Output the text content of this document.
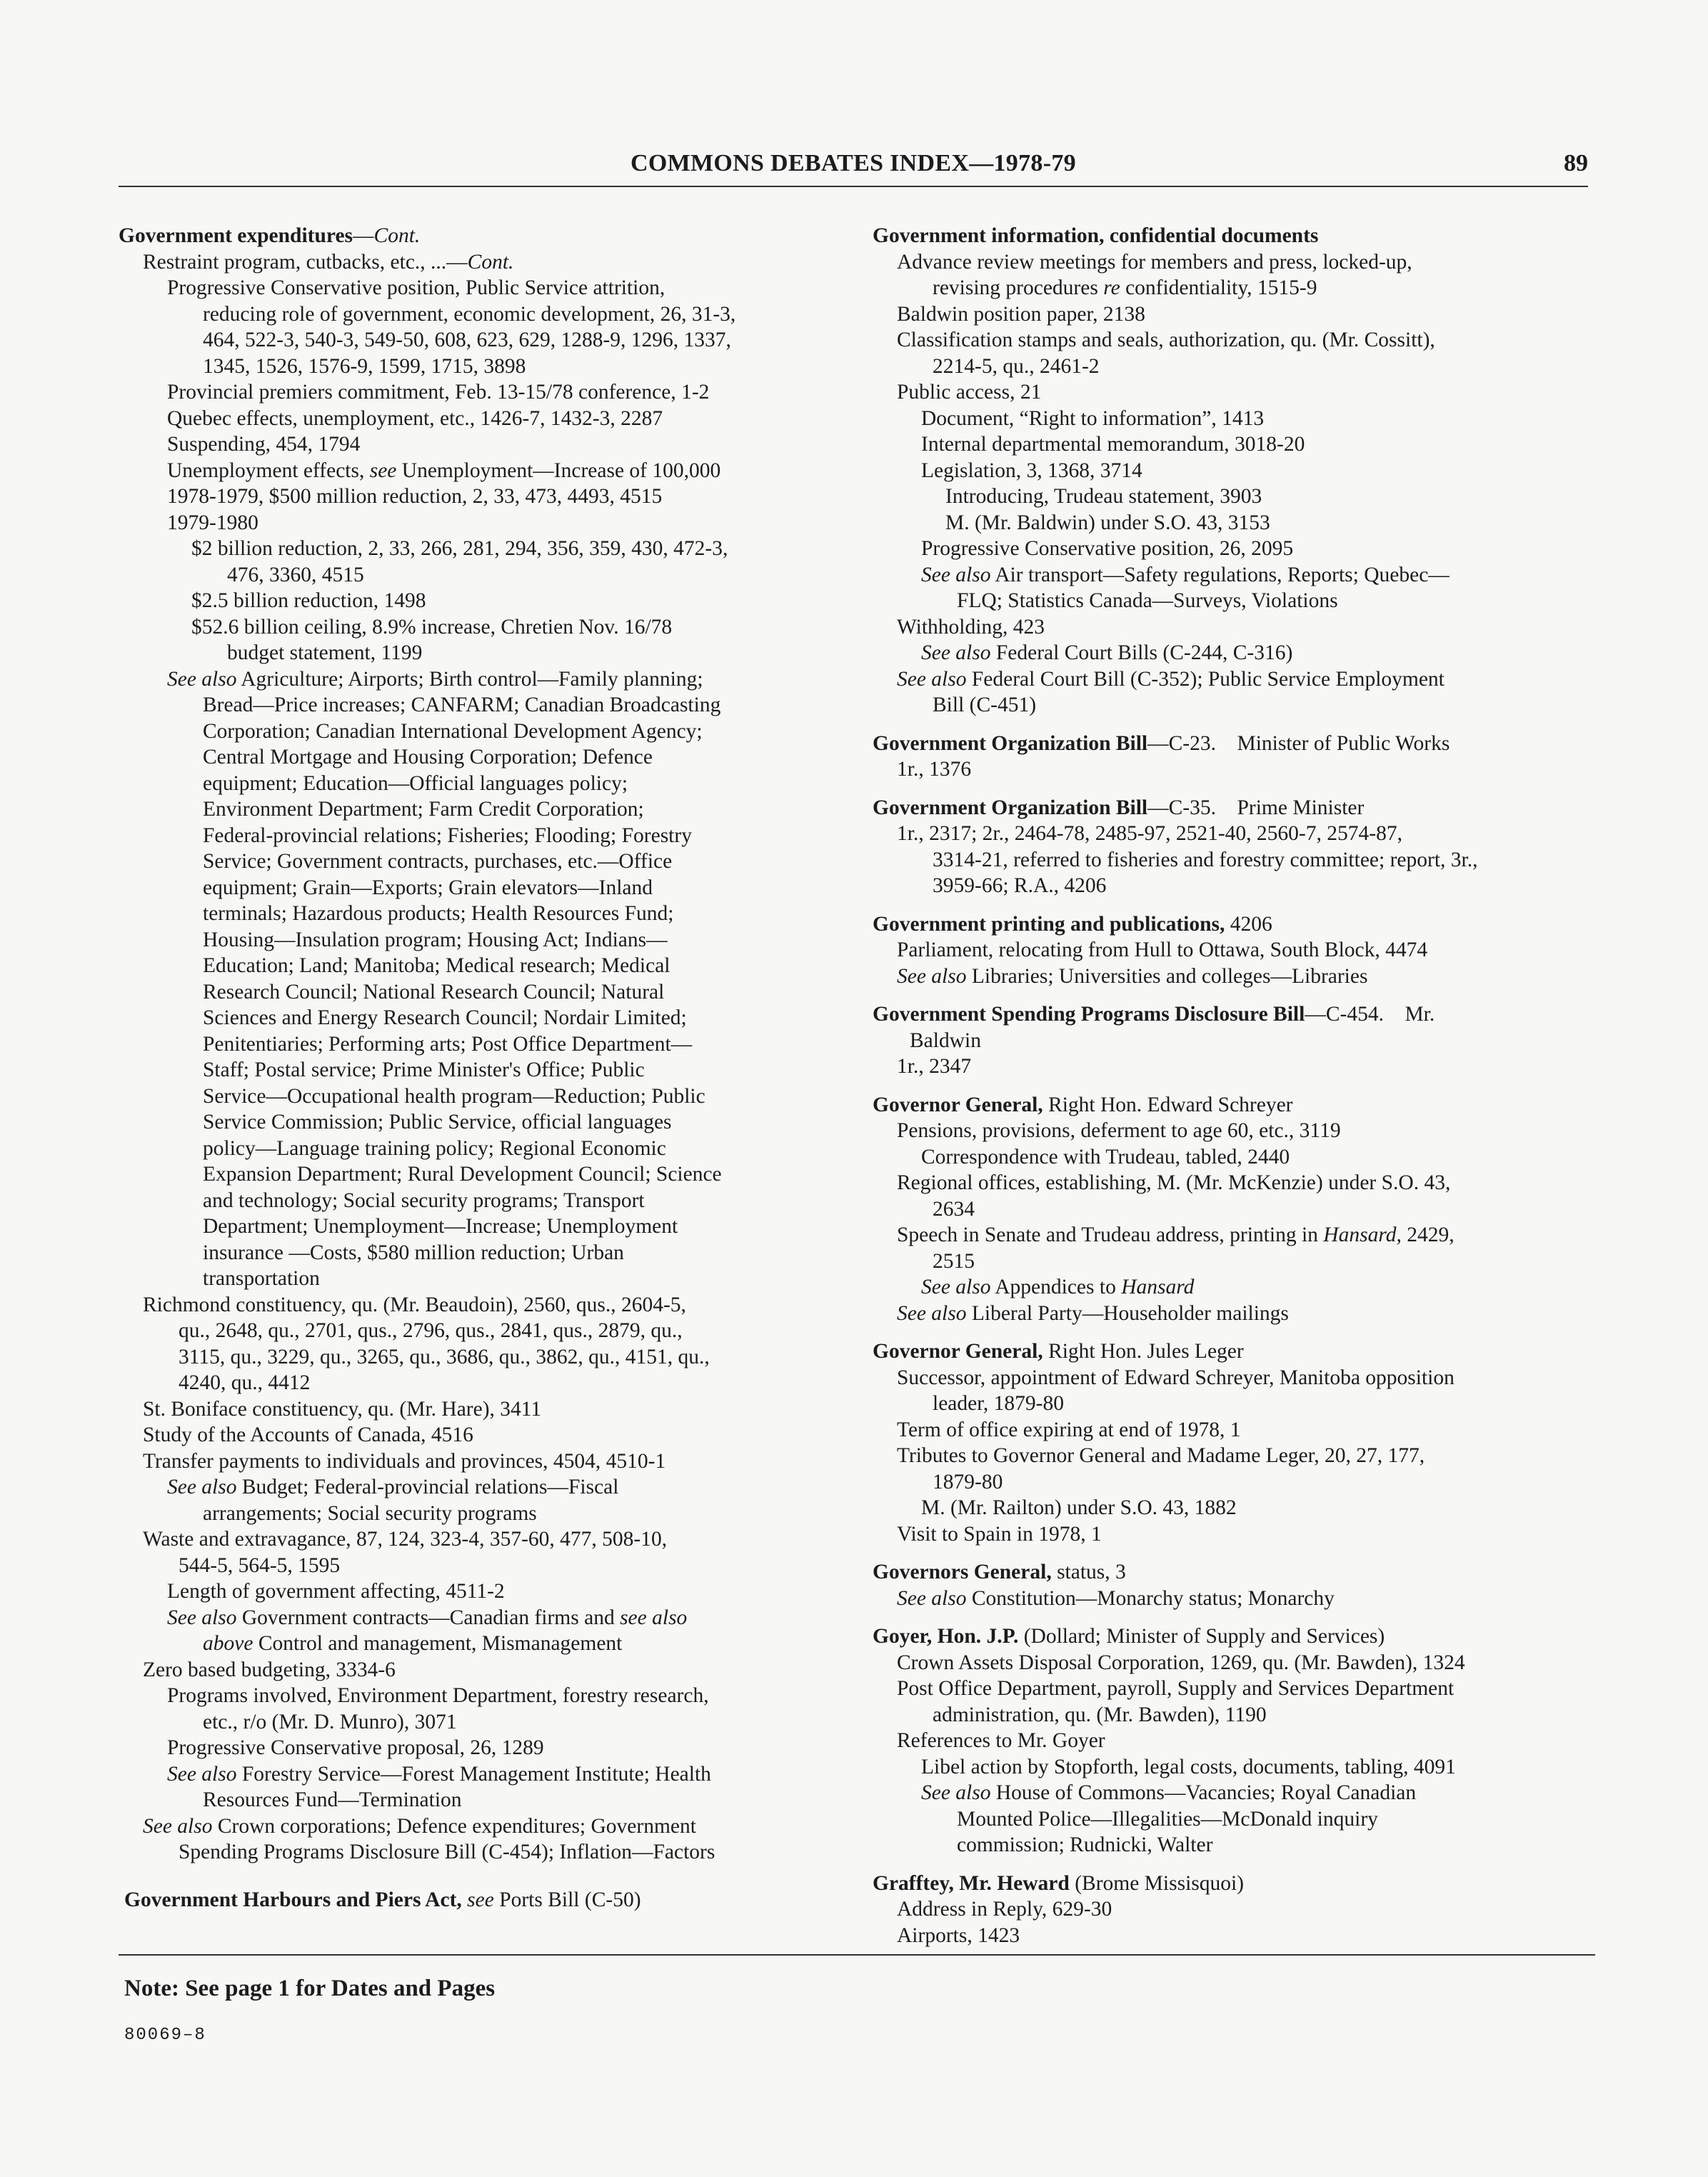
COMMONS DEBATES INDEX—1978-79	89
Government expenditures—Cont.
Restraint program, cutbacks, etc., ...—Cont.
Progressive Conservative position, Public Service attrition,
reducing role of government, economic development, 26, 31-3,
464, 522-3, 540-3, 549-50, 608, 623, 629, 1288-9, 1296, 1337,
1345, 1526, 1576-9, 1599, 1715, 3898
Provincial premiers commitment, Feb. 13-15/78 conference, 1-2
Quebec effects, unemployment, etc., 1426-7, 1432-3, 2287
Suspending, 454, 1794
Unemployment effects, see Unemployment—Increase of 100,000
1978-1979, $500 million reduction, 2, 33, 473, 4493, 4515
1979-1980
$2 billion reduction, 2, 33, 266, 281, 294, 356, 359, 430, 472-3,
476, 3360, 4515
$2.5 billion reduction, 1498
$52.6 billion ceiling, 8.9% increase, Chretien Nov. 16/78
budget statement, 1199
See also Agriculture; Airports; Birth control—Family planning;
Bread—Price increases; CANFARM; Canadian Broadcasting
Corporation; Canadian International Development Agency;
Central Mortgage and Housing Corporation; Defence
equipment; Education—Official languages policy;
Environment Department; Farm Credit Corporation;
Federal-provincial relations; Fisheries; Flooding; Forestry
Service; Government contracts, purchases, etc.—Office
equipment; Grain—Exports; Grain elevators—Inland
terminals; Hazardous products; Health Resources Fund;
Housing—Insulation program; Housing Act; Indians—
Education; Land; Manitoba; Medical research; Medical
Research Council; National Research Council; Natural
Sciences and Energy Research Council; Nordair Limited;
Penitentiaries; Performing arts; Post Office Department—
Staff; Postal service; Prime Minister's Office; Public
Service—Occupational health program—Reduction; Public
Service Commission; Public Service, official languages
policy—Language training policy; Regional Economic
Expansion Department; Rural Development Council; Science
and technology; Social security programs; Transport
Department; Unemployment—Increase; Unemployment
insurance —Costs, $580 million reduction; Urban
transportation
Richmond constituency, qu. (Mr. Beaudoin), 2560, qus., 2604-5,
qu., 2648, qu., 2701, qus., 2796, qus., 2841, qus., 2879, qu.,
3115, qu., 3229, qu., 3265, qu., 3686, qu., 3862, qu., 4151, qu.,
4240, qu., 4412
St. Boniface constituency, qu. (Mr. Hare), 3411
Study of the Accounts of Canada, 4516
Transfer payments to individuals and provinces, 4504, 4510-1
See also Budget; Federal-provincial relations—Fiscal
arrangements; Social security programs
Waste and extravagance, 87, 124, 323-4, 357-60, 477, 508-10,
544-5, 564-5, 1595
Length of government affecting, 4511-2
See also Government contracts—Canadian firms and see also
above Control and management, Mismanagement
Zero based budgeting, 3334-6
Programs involved, Environment Department, forestry research,
etc., r/o (Mr. D. Munro), 3071
Progressive Conservative proposal, 26, 1289
See also Forestry Service—Forest Management Institute; Health
Resources Fund—Termination
See also Crown corporations; Defence expenditures; Government
Spending Programs Disclosure Bill (C-454); Inflation—Factors
Government Harbours and Piers Act, see Ports Bill (C-50)
Government information, confidential documents
Advance review meetings for members and press, locked-up,
revising procedures re confidentiality, 1515-9
Baldwin position paper, 2138
Classification stamps and seals, authorization, qu. (Mr. Cossitt),
2214-5, qu., 2461-2
Public access, 21
Document, “Right to information”, 1413
Internal departmental memorandum, 3018-20
Legislation, 3, 1368, 3714
Introducing, Trudeau statement, 3903
M. (Mr. Baldwin) under S.O. 43, 3153
Progressive Conservative position, 26, 2095
See also Air transport—Safety regulations, Reports; Quebec—
FLQ; Statistics Canada—Surveys, Violations
Withholding, 423
See also Federal Court Bills (C-244, C-316)
See also Federal Court Bill (C-352); Public Service Employment
Bill (C-451)
Government Organization Bill—C-23. Minister of Public Works
1r., 1376
Government Organization Bill—C-35. Prime Minister
1r., 2317; 2r., 2464-78, 2485-97, 2521-40, 2560-7, 2574-87,
3314-21, referred to fisheries and forestry committee; report, 3r.,
3959-66; R.A., 4206
Government printing and publications, 4206
Parliament, relocating from Hull to Ottawa, South Block, 4474
See also Libraries; Universities and colleges—Libraries
Government Spending Programs Disclosure Bill—C-454. Mr.
Baldwin
1r., 2347
Governor General, Right Hon. Edward Schreyer
Pensions, provisions, deferment to age 60, etc., 3119
Correspondence with Trudeau, tabled, 2440
Regional offices, establishing, M. (Mr. McKenzie) under S.O. 43,
2634
Speech in Senate and Trudeau address, printing in Hansard, 2429,
2515
See also Appendices to Hansard
See also Liberal Party—Householder mailings
Governor General, Right Hon. Jules Leger
Successor, appointment of Edward Schreyer, Manitoba opposition
leader, 1879-80
Term of office expiring at end of 1978, 1
Tributes to Governor General and Madame Leger, 20, 27, 177,
1879-80
M. (Mr. Railton) under S.O. 43, 1882
Visit to Spain in 1978, 1
Governors General, status, 3
See also Constitution—Monarchy status; Monarchy
Goyer, Hon. J.P. (Dollard; Minister of Supply and Services)
Crown Assets Disposal Corporation, 1269, qu. (Mr. Bawden), 1324
Post Office Department, payroll, Supply and Services Department
administration, qu. (Mr. Bawden), 1190
References to Mr. Goyer
Libel action by Stopforth, legal costs, documents, tabling, 4091
See also House of Commons—Vacancies; Royal Canadian
Mounted Police—Illegalities—McDonald inquiry
commission; Rudnicki, Walter
Grafftey, Mr. Heward (Brome Missisquoi)
Address in Reply, 629-30
Airports, 1423
Note: See page 1 for Dates and Pages
80069–8
